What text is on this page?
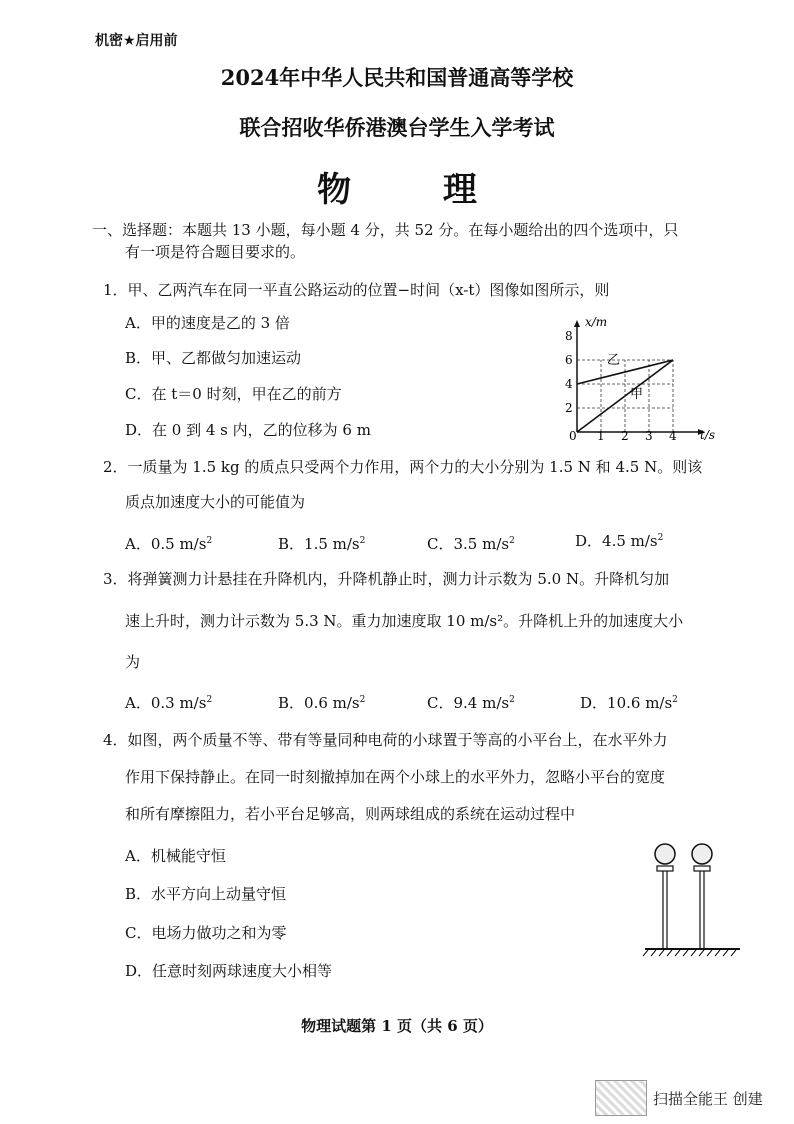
机密★启用前
2024年中华人民共和国普通高等学校
联合招收华侨港澳台学生入学考试
物 理
一、选择题：本题共 13 小题，每小题 4 分，共 52 分。在每小题给出的四个选项中，只
有一项是符合题目要求的。
1．甲、乙两汽车在同一平直公路运动的位置−时间（x-t）图像如图所示，则
A．甲的速度是乙的 3 倍
B．甲、乙都做匀加速运动
C．在 t＝0 时刻，甲在乙的前方
D．在 0 到 4 s 内，乙的位移为 6 m	1 2 3 4
2
4
6
8
x/m
t/s
0
乙
甲
2．一质量为 1.5 kg 的质点只受两个力作用，两个力的大小分别为 1.5 N 和 4.5 N。则该
质点加速度大小的可能值为
A．0.5 $m/s^2$	B．1.5 $m/s^2$	C．3.5 $m/s^2$	D．4.5 $m/s^2$
3．将弹簧测力计悬挂在升降机内，升降机静止时，测力计示数为 5.0 N。升降机匀加
速上升时，测力计示数为 5.3 N。重力加速度取 10 m/s²。升降机上升的加速度大小
为
A．0.3 $m/s^2$	B．0.6 $m/s^2$	C．9.4 $m/s^2$	D．10.6 $m/s^2$
4．如图，两个质量不等、带有等量同种电荷的小球置于等高的小平台上，在水平外力
作用下保持静止。在同一时刻撤掉加在两个小球上的水平外力，忽略小平台的宽度
和所有摩擦阻力，若小平台足够高，则两球组成的系统在运动过程中
A．机械能守恒
B．水平方向上动量守恒
C．电场力做功之和为零
D．任意时刻两球速度大小相等
物理试题第 1 页（共 6 页）
扫描全能王 创建
